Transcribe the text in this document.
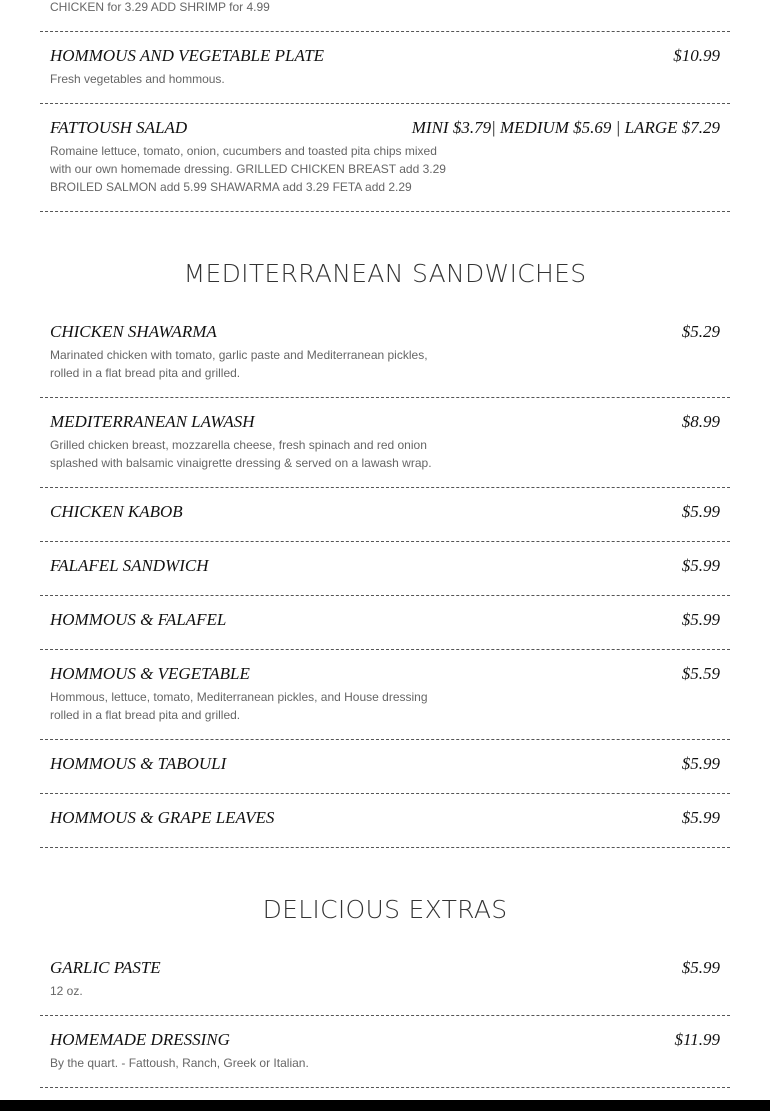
CHICKEN for 3.29 ADD SHRIMP for 4.99
HOMMOUS AND VEGETABLE PLATE	$10.99
Fresh vegetables and hommous.
FATTOUSH SALAD	MINI $3.79| MEDIUM $5.69 | LARGE $7.29
Romaine lettuce, tomato, onion, cucumbers and toasted pita chips mixed with our own homemade dressing. GRILLED CHICKEN BREAST add 3.29 BROILED SALMON add 5.99 SHAWARMA add 3.29 FETA add 2.29
MEDITERRANEAN SANDWICHES
CHICKEN SHAWARMA	$5.29
Marinated chicken with tomato, garlic paste and Mediterranean pickles, rolled in a flat bread pita and grilled.
MEDITERRANEAN LAWASH	$8.99
Grilled chicken breast, mozzarella cheese, fresh spinach and red onion splashed with balsamic vinaigrette dressing & served on a lawash wrap.
CHICKEN KABOB	$5.99
FALAFEL SANDWICH	$5.99
HOMMOUS & FALAFEL	$5.99
HOMMOUS & VEGETABLE	$5.59
Hommous, lettuce, tomato, Mediterranean pickles, and House dressing rolled in a flat bread pita and grilled.
HOMMOUS & TABOULI	$5.99
HOMMOUS & GRAPE LEAVES	$5.99
DELICIOUS EXTRAS
GARLIC PASTE	$5.99
12 oz.
HOMEMADE DRESSING	$11.99
By the quart. - Fattoush, Ranch, Greek or Italian.
